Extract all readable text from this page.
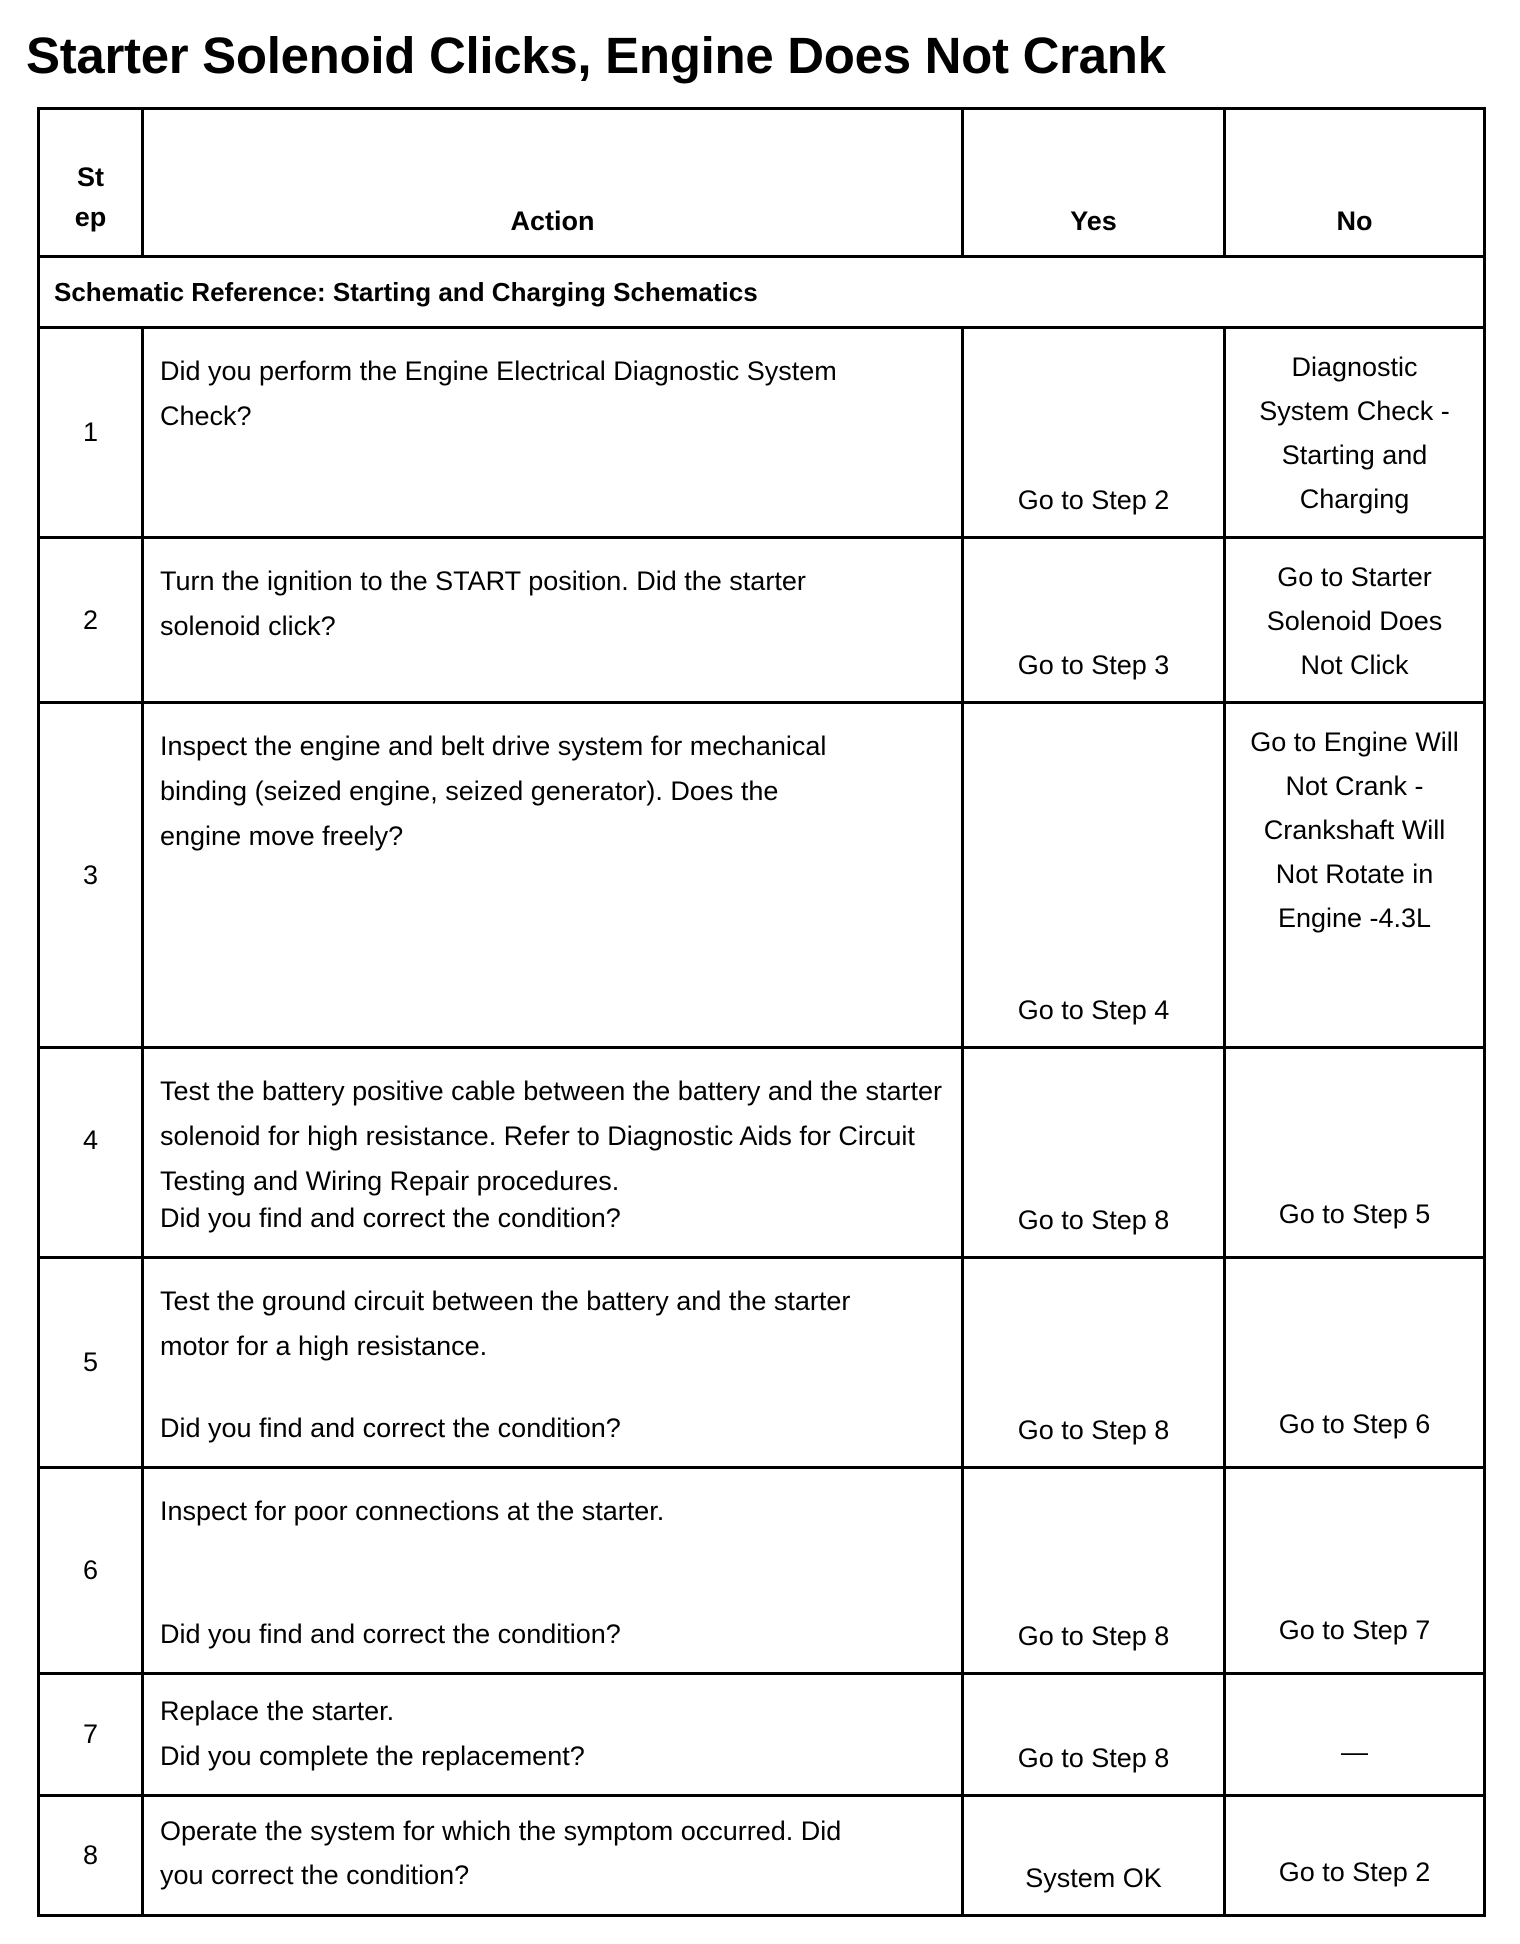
Starter Solenoid Clicks, Engine Does Not Crank
St
ep	Action	Yes	No
Schematic Reference: Starting and Charging Schematics			
1	Did you perform the Engine Electrical Diagnostic System Check?	Go to Step 2	Diagnostic System Check - Starting and Charging
2	Turn the ignition to the START position. Did the starter solenoid click?	Go to Step 3	Go to Starter Solenoid Does Not Click
3	Inspect the engine and belt drive system for mechanical binding (seized engine, seized generator). Does the engine move freely?	Go to Step 4	Go to Engine Will Not Crank - Crankshaft Will Not Rotate in Engine -4.3L
4	Test the battery positive cable between the battery and the starter solenoid for high resistance. Refer to Diagnostic Aids for Circuit Testing and Wiring Repair procedures.
Did you find and correct the condition?	Go to Step 8	Go to Step 5
5	Test the ground circuit between the battery and the starter motor for a high resistance.
Did you find and correct the condition?	Go to Step 8	Go to Step 6
6	Inspect for poor connections at the starter.
Did you find and correct the condition?	Go to Step 8	Go to Step 7
7	Replace the starter.
Did you complete the replacement?	Go to Step 8	—
8	Operate the system for which the symptom occurred. Did you correct the condition?	System OK	Go to Step 2
